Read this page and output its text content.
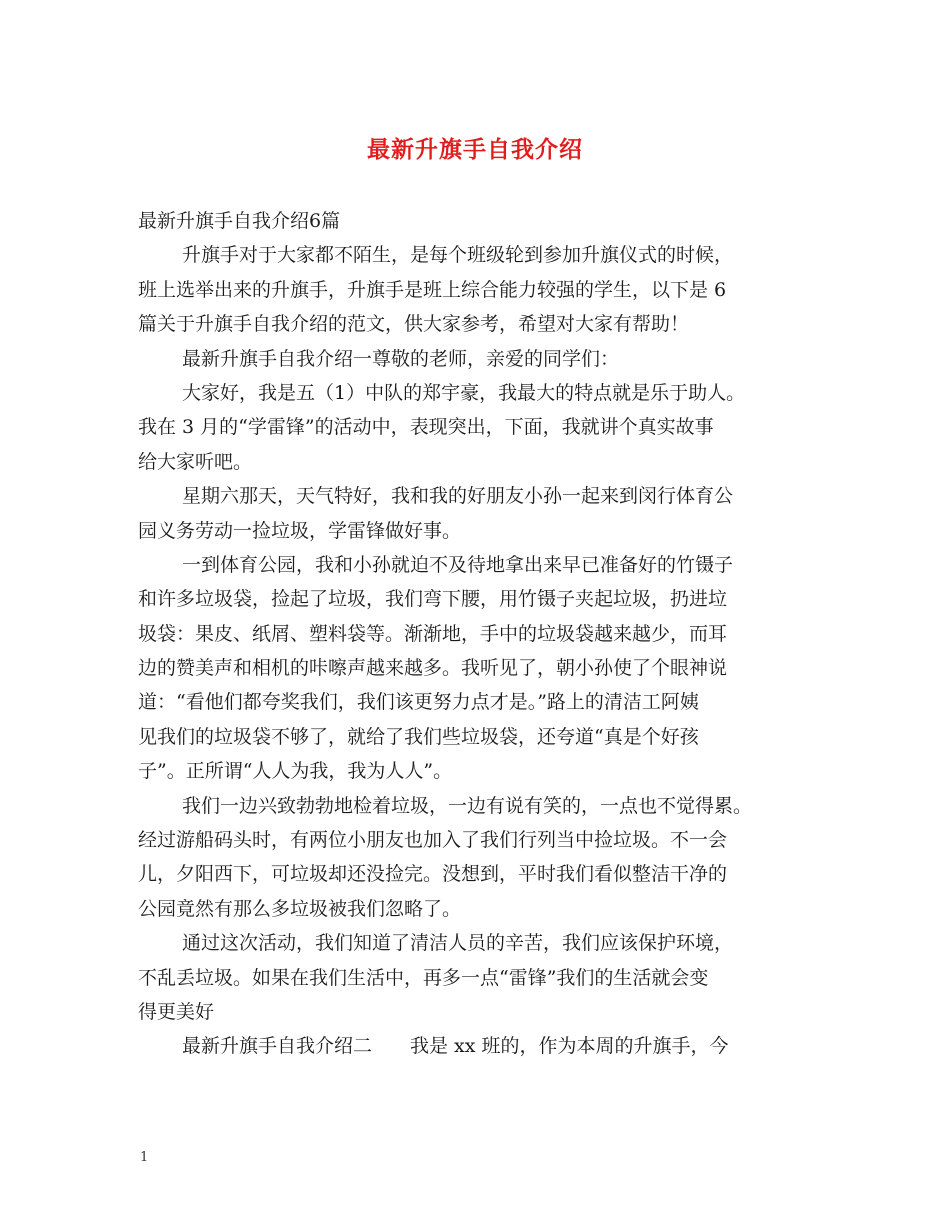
最新升旗手自我介绍
最新升旗手自我介绍6篇
升旗手对于大家都不陌生，是每个班级轮到参加升旗仪式的时候，
班上选举出来的升旗手，升旗手是班上综合能力较强的学生，以下是 6
篇关于升旗手自我介绍的范文，供大家参考，希望对大家有帮助！
最新升旗手自我介绍一尊敬的老师，亲爱的同学们：
大家好，我是五（1）中队的郑宇豪，我最大的特点就是乐于助人。
我在 3 月的“学雷锋”的活动中，表现突出，下面，我就讲个真实故事
给大家听吧。
星期六那天，天气特好，我和我的好朋友小孙一起来到闵行体育公
园义务劳动一捡垃圾，学雷锋做好事。
一到体育公园，我和小孙就迫不及待地拿出来早已准备好的竹镊子
和许多垃圾袋，捡起了垃圾，我们弯下腰，用竹镊子夹起垃圾，扔进垃
圾袋：果皮、纸屑、塑料袋等。渐渐地，手中的垃圾袋越来越少，而耳
边的赞美声和相机的咔嚓声越来越多。我听见了，朝小孙使了个眼神说
道：“看他们都夸奖我们，我们该更努力点才是。”路上的清洁工阿姨
见我们的垃圾袋不够了，就给了我们些垃圾袋，还夸道“真是个好孩
子”。正所谓“人人为我，我为人人”。
我们一边兴致勃勃地检着垃圾，一边有说有笑的，一点也不觉得累。
经过游船码头时，有两位小朋友也加入了我们行列当中捡垃圾。不一会
儿，夕阳西下，可垃圾却还没捡完。没想到，平时我们看似整洁干净的
公园竟然有那么多垃圾被我们忽略了。
通过这次活动，我们知道了清洁人员的辛苦，我们应该保护环境，
不乱丢垃圾。如果在我们生活中，再多一点“雷锋”我们的生活就会变
得更美好
最新升旗手自我介绍二　　我是 xx 班的，作为本周的升旗手，今
1
